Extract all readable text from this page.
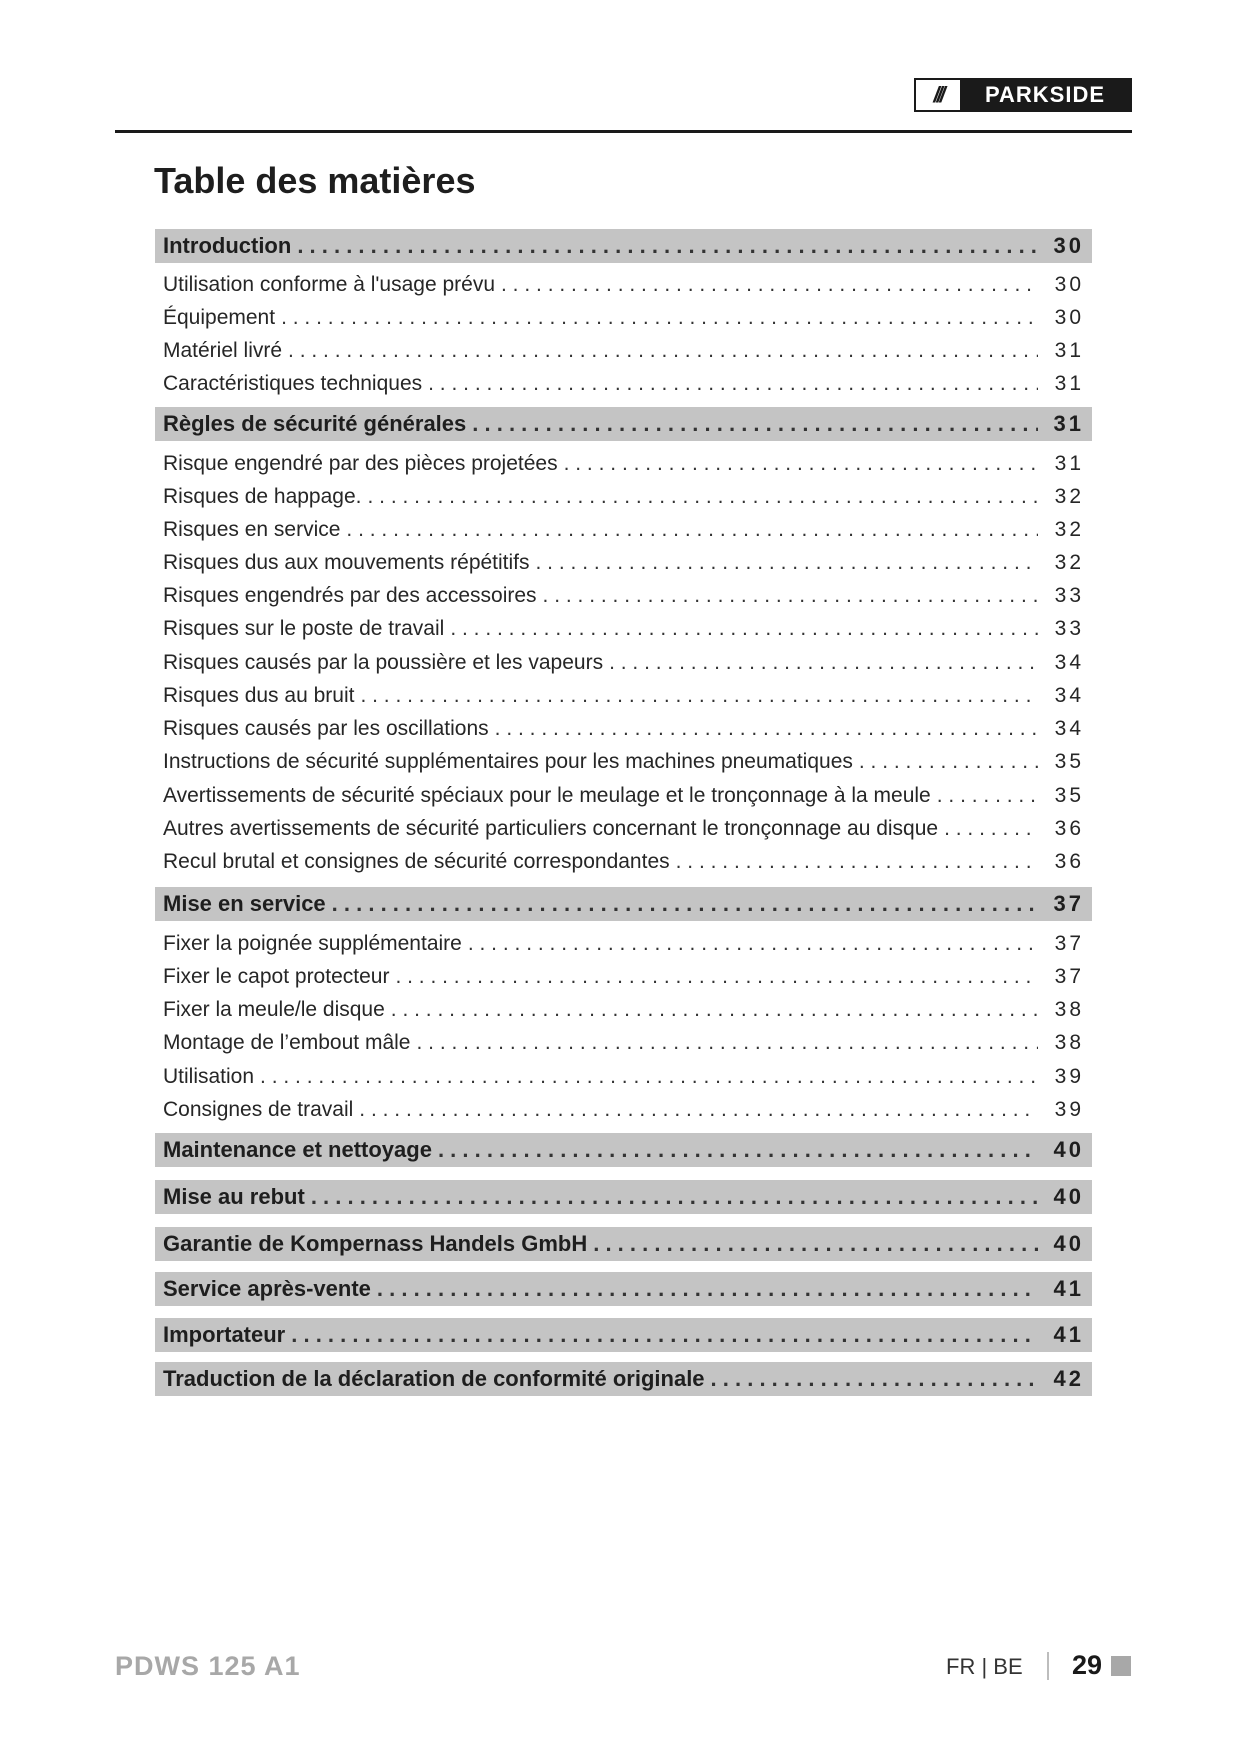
///	PARKSIDE
Table des matières
Introduction . . .	30
Utilisation conforme à l'usage prévu . . .	30
Équipement . . .	30
Matériel livré . . .	31
Caractéristiques techniques . . .	31
Règles de sécurité générales . . .	31
Risque engendré par des pièces projetées . . .	31
Risques de happage. . . .	32
Risques en service . . .	32
Risques dus aux mouvements répétitifs . . .	32
Risques engendrés par des accessoires . . .	33
Risques sur le poste de travail . . .	33
Risques causés par la poussière et les vapeurs . . .	34
Risques dus au bruit . . .	34
Risques causés par les oscillations . . .	34
Instructions de sécurité supplémentaires pour les machines pneumatiques . . .	35
Avertissements de sécurité spéciaux pour le meulage et le tronçonnage à la meule . . .	35
Autres avertissements de sécurité particuliers concernant le tronçonnage au disque . . .	36
Recul brutal et consignes de sécurité correspondantes . . .	36
Mise en service . . .	37
Fixer la poignée supplémentaire . . .	37
Fixer le capot protecteur . . .	37
Fixer la meule/le disque . . .	38
Montage de l’embout mâle . . .	38
Utilisation . . .	39
Consignes de travail . . .	39
Maintenance et nettoyage . . .	40
Mise au rebut . . .	40
Garantie de Kompernass Handels GmbH . . .	40
Service après-vente . . .	41
Importateur . . .	41
Traduction de la déclaration de conformité originale . . .	42
PDWS 125 A1	FR | BE 29
